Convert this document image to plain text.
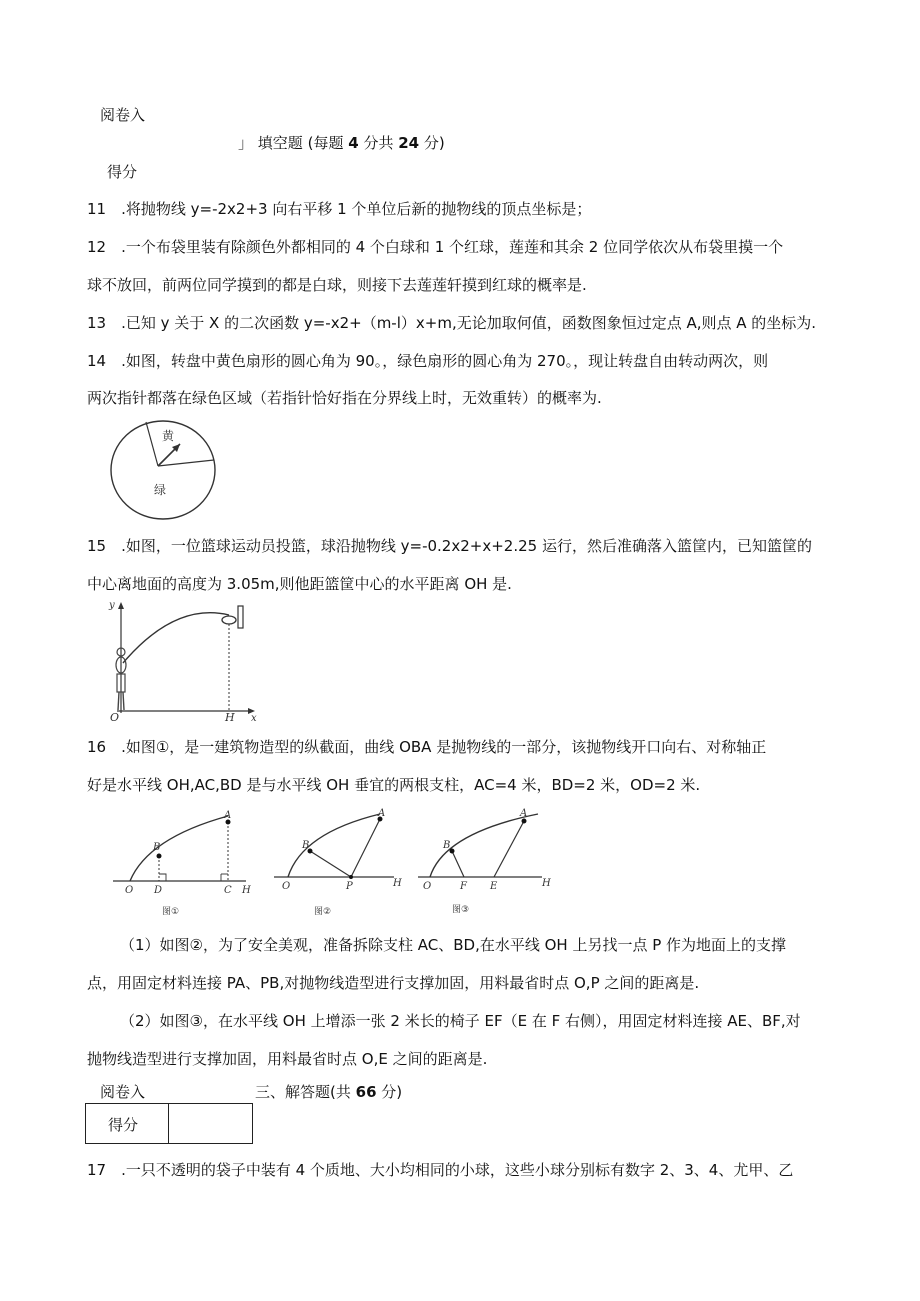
阅卷入
」 填空题 (每题 4 分共 24 分)
得分
11　.将抛物线 y=-2x2+3 向右平移 1 个单位后新的抛物线的顶点坐标是；
12　.一个布袋里装有除颜色外都相同的 4 个白球和 1 个红球，莲莲和其余 2 位同学依次从布袋里摸一个
球不放回，前两位同学摸到的都是白球，则接下去莲莲轩摸到红球的概率是.
13　.已知 y 关于 X 的二次函数 y=-x2+（m-l）x+m,无论加取何值，函数图象恒过定点 A,则点 A 的坐标为.
14　.如图，转盘中黄色扇形的圆心角为 90。，绿色扇形的圆心角为 270。，现让转盘自由转动两次，则
两次指针都落在绿色区域（若指针恰好指在分界线上时，无效重转）的概率为.
黄
绿
15　.如图，一位篮球运动员投篮，球沿抛物线 y=-0.2x2+x+2.25 运行，然后准确落入篮筐内，已知篮筐的
中心离地面的高度为 3.05m,则他距篮筐中心的水平距离 OH 是.
y
x
O	H
16　.如图①，是一建筑物造型的纵截面，曲线 OBA 是抛物线的一部分，该抛物线开口向右、对称轴正
好是水平线 OH,AC,BD 是与水平线 OH 垂宜的两根支柱，AC=4 米，BD=2 米，OD=2 米.
A
B
O D	C H
图①
A
B
O	P	H
图②
A
B
O	F E	H
图③
（1）如图②，为了安全美观，准备拆除支柱 AC、BD,在水平线 OH 上另找一点 P 作为地面上的支撑
点，用固定材料连接 PA、PB,对抛物线造型进行支撑加固，用料最省时点 O,P 之间的距离是.
（2）如图③，在水平线 OH 上增添一张 2 米长的椅子 EF（E 在 F 右侧），用固定材料连接 AE、BF,对
抛物线造型进行支撑加固，用料最省时点 O,E 之间的距离是.
阅卷入	三、解答题(共 66 分)
得分
17　.一只不透明的袋子中装有 4 个质地、大小均相同的小球，这些小球分别标有数字 2、3、4、尤甲、乙
